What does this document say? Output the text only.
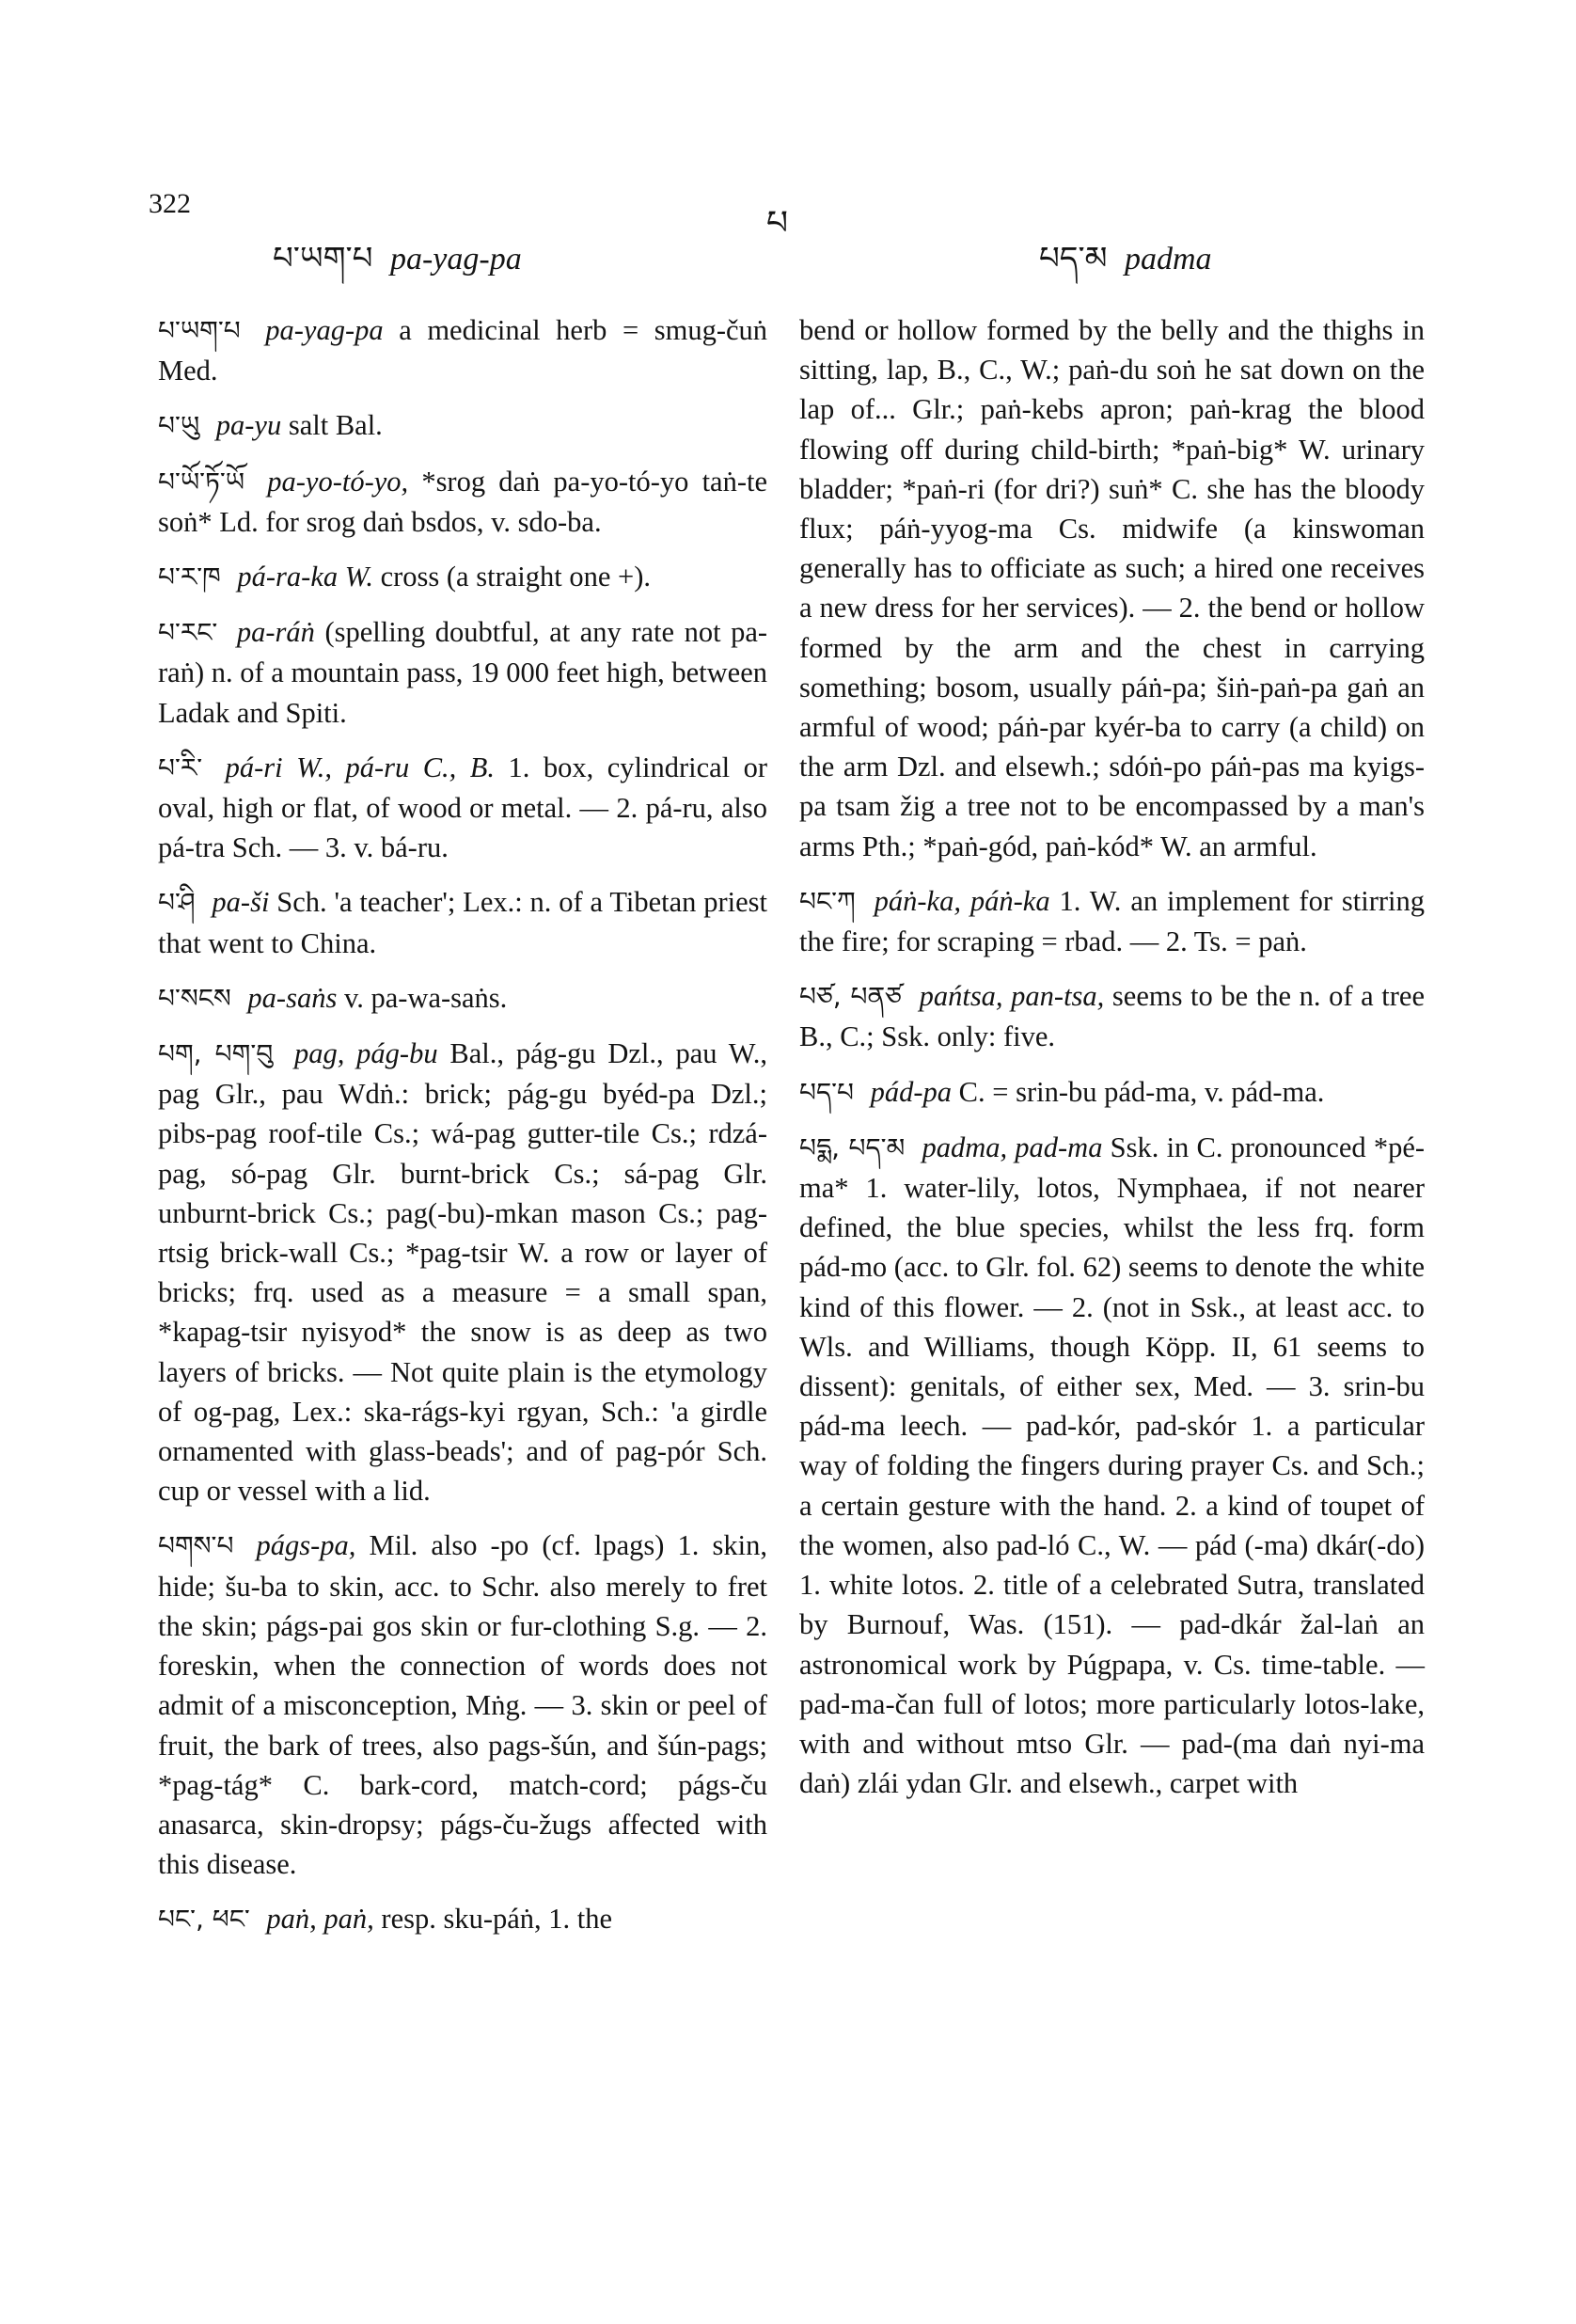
322
པ
པ་ཡག་པ pa-yag-pa	པད་མ padma

པ་ཡག་པ pa-yag-pa a medicinal herb = smug-čuṅ Med.

པ་ཡུ pa-yu salt Bal.

པ་ཡོ་ཏོ་ཡོ pa-yo-tó-yo, *srog daṅ pa-yo-tó-yo taṅ-te soṅ* Ld. for srog daṅ bsdos, v. sdo-ba.

པ་ར་ཁ pá-ra-ka W. cross (a straight one +).

པ་རང་ pa-ráṅ (spelling doubtful, at any rate not pa-raṅ) n. of a mountain pass, 19 000 feet high, between Ladak and Spiti.

པ་རི་ pá-ri W., pá-ru C., B. 1. box, cylindrical or oval, high or flat, of wood or metal. — 2. pá-ru, also pá-tra Sch. — 3. v. bá-ru.

པ་ཤི pa-ši Sch. 'a teacher'; Lex.: n. of a Tibetan priest that went to China.

པ་སངས pa-saṅs v. pa-wa-saṅs.

པག, པག་བུ pag, pág-bu Bal., pág-gu Dzl., pau W., pag Glr., pau Wdṅ.: brick; pág-gu byéd-pa Dzl.; pibs-pag roof-tile Cs.; wá-pag gutter-tile Cs.; rdzá-pag, só-pag Glr. burnt-brick Cs.; sá-pag Glr. unburnt-brick Cs.; pag(-bu)-mkan mason Cs.; pag-rtsig brick-wall Cs.; *pag-tsir W. a row or layer of bricks; frq. used as a measure = a small span, *kapag-tsir nyisyod* the snow is as deep as two layers of bricks. — Not quite plain is the etymology of og-pag, Lex.: ska-rágs-kyi rgyan, Sch.: 'a girdle ornamented with glass-beads'; and of pag-pór Sch. cup or vessel with a lid.

པགས་པ págs-pa, Mil. also -po (cf. lpags) 1. skin, hide; šu-ba to skin, acc. to Schr. also merely to fret the skin; págs-pai gos skin or fur-clothing S.g. — 2. foreskin, when the connection of words does not admit of a misconception, Mṅg. — 3. skin or peel of fruit, the bark of trees, also pags-šún, and šún-pags; *pag-tág* C. bark-cord, match-cord; págs-ču anasarca, skin-dropsy; págs-ču-žugs affected with this disease.

པང་, ཕང་ paṅ, paṅ, resp. sku-páṅ, 1. the

bend or hollow formed by the belly and the thighs in sitting, lap, B., C., W.; paṅ-du soṅ he sat down on the lap of... Glr.; paṅ-kebs apron; paṅ-krag the blood flowing off during child-birth; *paṅ-big* W. urinary bladder; *paṅ-ri (for dri?) suṅ* C. she has the bloody flux; páṅ-yyog-ma Cs. midwife (a kinswoman generally has to officiate as such; a hired one receives a new dress for her services). — 2. the bend or hollow formed by the arm and the chest in carrying something; bosom, usually páṅ-pa; šiṅ-paṅ-pa gaṅ an armful of wood; páṅ-par kyér-ba to carry (a child) on the arm Dzl. and elsewh.; sdóṅ-po páṅ-pas ma kyigs-pa tsam žig a tree not to be encompassed by a man's arms Pth.; *paṅ-gód, paṅ-kód* W. an armful.

པང་ཀ páṅ-ka, páṅ-ka 1. W. an implement for stirring the fire; for scraping = rbad. — 2. Ts. = paṅ.

པཙ, པནཙ pańtsa, pan-tsa, seems to be the n. of a tree B., C.; Ssk. only: five.

པད་པ pád-pa C. = srin-bu pád-ma, v. pád-ma.

པདྨ, པད་མ padma, pad-ma Ssk. in C. pronounced *pé-ma* 1. water-lily, lotos, Nymphaea, if not nearer defined, the blue species, whilst the less frq. form pád-mo (acc. to Glr. fol. 62) seems to denote the white kind of this flower. — 2. (not in Ssk., at least acc. to Wls. and Williams, though Köpp. II, 61 seems to dissent): genitals, of either sex, Med. — 3. srin-bu pád-ma leech. — pad-kór, pad-skór 1. a particular way of folding the fingers during prayer Cs. and Sch.; a certain gesture with the hand. 2. a kind of toupet of the women, also pad-ló C., W. — pád (-ma) dkár(-do) 1. white lotos. 2. title of a celebrated Sutra, translated by Burnouf, Was. (151). — pad-dkár žal-laṅ an astronomical work by Púgpapa, v. Cs. time-table. — pad-ma-čan full of lotos; more particularly lotos-lake, with and without mtso Glr. — pad-(ma daṅ nyi-ma daṅ) zlái ydan Glr. and elsewh., carpet with
